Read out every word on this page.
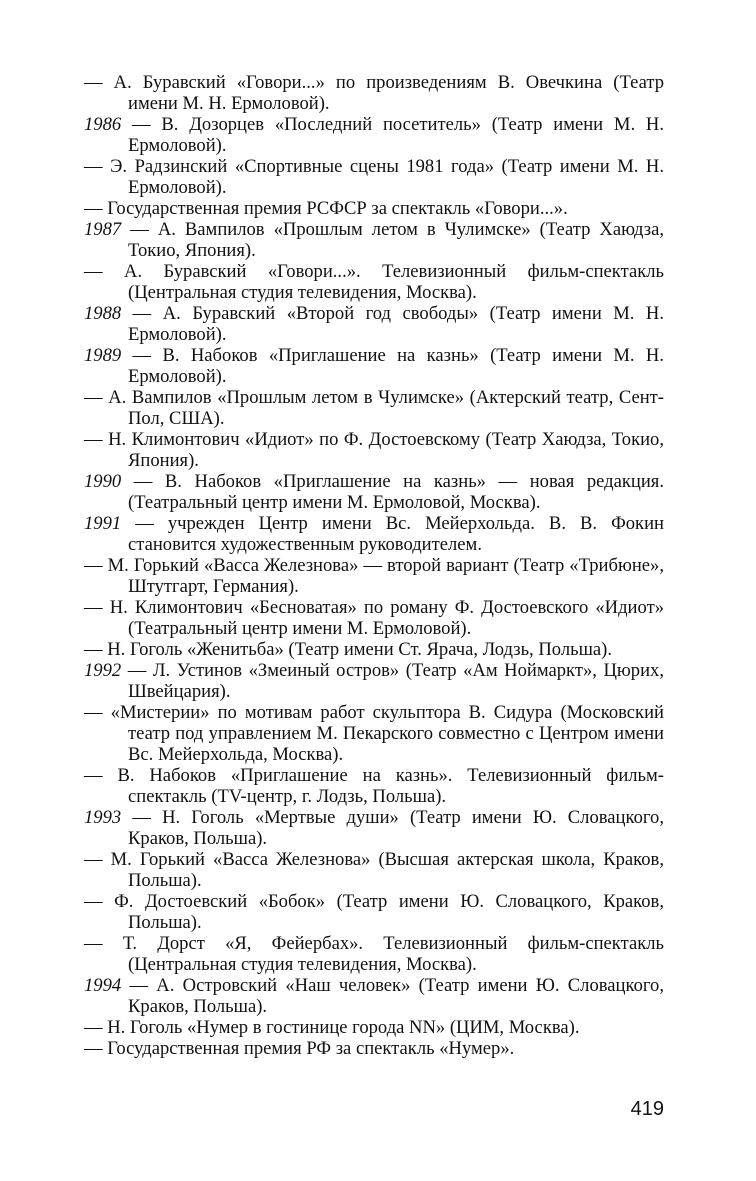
— А. Буравский «Говори...» по произведениям В. Овечкина (Театр имени М. Н. Ермоловой).

1986 — В. Дозорцев «Последний посетитель» (Театр имени М. Н. Ермоловой).

— Э. Радзинский «Спортивные сцены 1981 года» (Театр имени М. Н. Ермоловой).

— Государственная премия РСФСР за спектакль «Говори...».

1987 — А. Вампилов «Прошлым летом в Чулимске» (Театр Хаюдза, Токио, Япония).

— А. Буравский «Говори...». Телевизионный фильм-спектакль (Центральная студия телевидения, Москва).

1988 — А. Буравский «Второй год свободы» (Театр имени М. Н. Ермоловой).

1989 — В. Набоков «Приглашение на казнь» (Театр имени М. Н. Ермоловой).

— А. Вампилов «Прошлым летом в Чулимске» (Актерский театр, Сент-Пол, США).

— Н. Климонтович «Идиот» по Ф. Достоевскому (Театр Хаюдза, Токио, Япония).

1990 — В. Набоков «Приглашение на казнь» — новая редакция. (Театральный центр имени М. Ермоловой, Москва).

1991 — учрежден Центр имени Вс. Мейерхольда. В. В. Фокин становится художественным руководителем.

— М. Горький «Васса Железнова» — второй вариант (Театр «Трибюне», Штутгарт, Германия).

— Н. Климонтович «Бесноватая» по роману Ф. Достоевского «Идиот» (Театральный центр имени М. Ермоловой).

— Н. Гоголь «Женитьба» (Театр имени Ст. Ярача, Лодзь, Польша).

1992 — Л. Устинов «Змеиный остров» (Театр «Ам Ноймаркт», Цюрих, Швейцария).

— «Мистерии» по мотивам работ скульптора В. Сидура (Московский театр под управлением М. Пекарского совместно с Центром имени Вс. Мейерхольда, Москва).

— В. Набоков «Приглашение на казнь». Телевизионный фильм-спектакль (TV-центр, г. Лодзь, Польша).

1993 — Н. Гоголь «Мертвые души» (Театр имени Ю. Словацкого, Краков, Польша).

— М. Горький «Васса Железнова» (Высшая актерская школа, Краков, Польша).

— Ф. Достоевский «Бобок» (Театр имени Ю. Словацкого, Краков, Польша).

— Т. Дорст «Я, Фейербах». Телевизионный фильм-спектакль (Центральная студия телевидения, Москва).

1994 — А. Островский «Наш человек» (Театр имени Ю. Словацкого, Краков, Польша).

— Н. Гоголь «Нумер в гостинице города NN» (ЦИМ, Москва).

— Государственная премия РФ за спектакль «Нумер».

419
